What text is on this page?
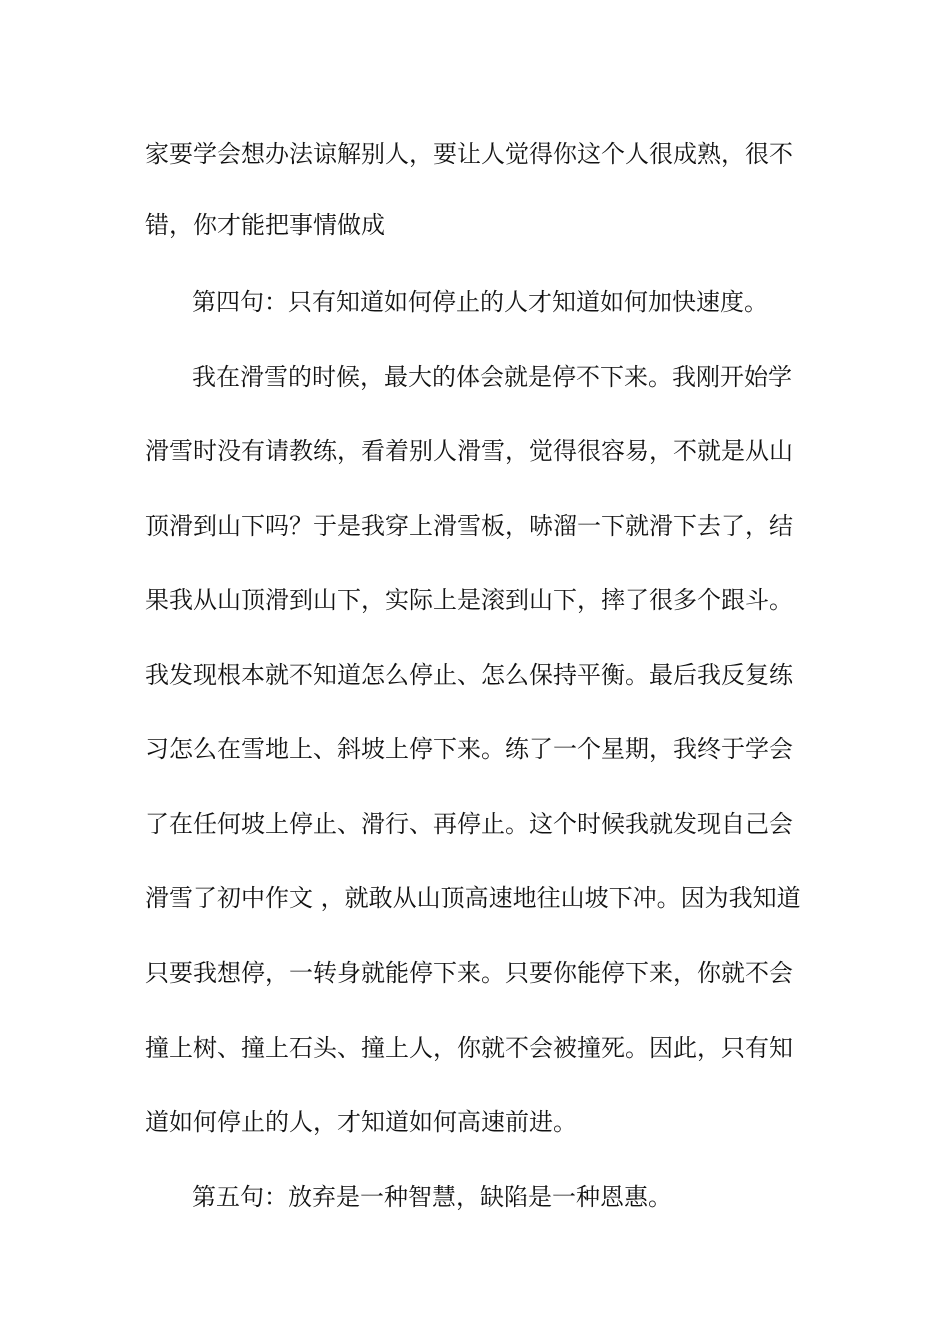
家要学会想办法谅解别人，要让人觉得你这个人很成熟，很不
错，你才能把事情做成
第四句：只有知道如何停止的人才知道如何加快速度。
我在滑雪的时候，最大的体会就是停不下来。我刚开始学
滑雪时没有请教练，看着别人滑雪，觉得很容易，不就是从山
顶滑到山下吗？于是我穿上滑雪板，哧溜一下就滑下去了，结
果我从山顶滑到山下，实际上是滚到山下，摔了很多个跟斗。
我发现根本就不知道怎么停止、怎么保持平衡。最后我反复练
习怎么在雪地上、斜坡上停下来。练了一个星期，我终于学会
了在任何坡上停止、滑行、再停止。这个时候我就发现自己会
滑雪了初中作文 ，就敢从山顶高速地往山坡下冲。因为我知道
只要我想停，一转身就能停下来。只要你能停下来，你就不会
撞上树、撞上石头、撞上人，你就不会被撞死。因此，只有知
道如何停止的人，才知道如何高速前进。
第五句：放弃是一种智慧，缺陷是一种恩惠。
